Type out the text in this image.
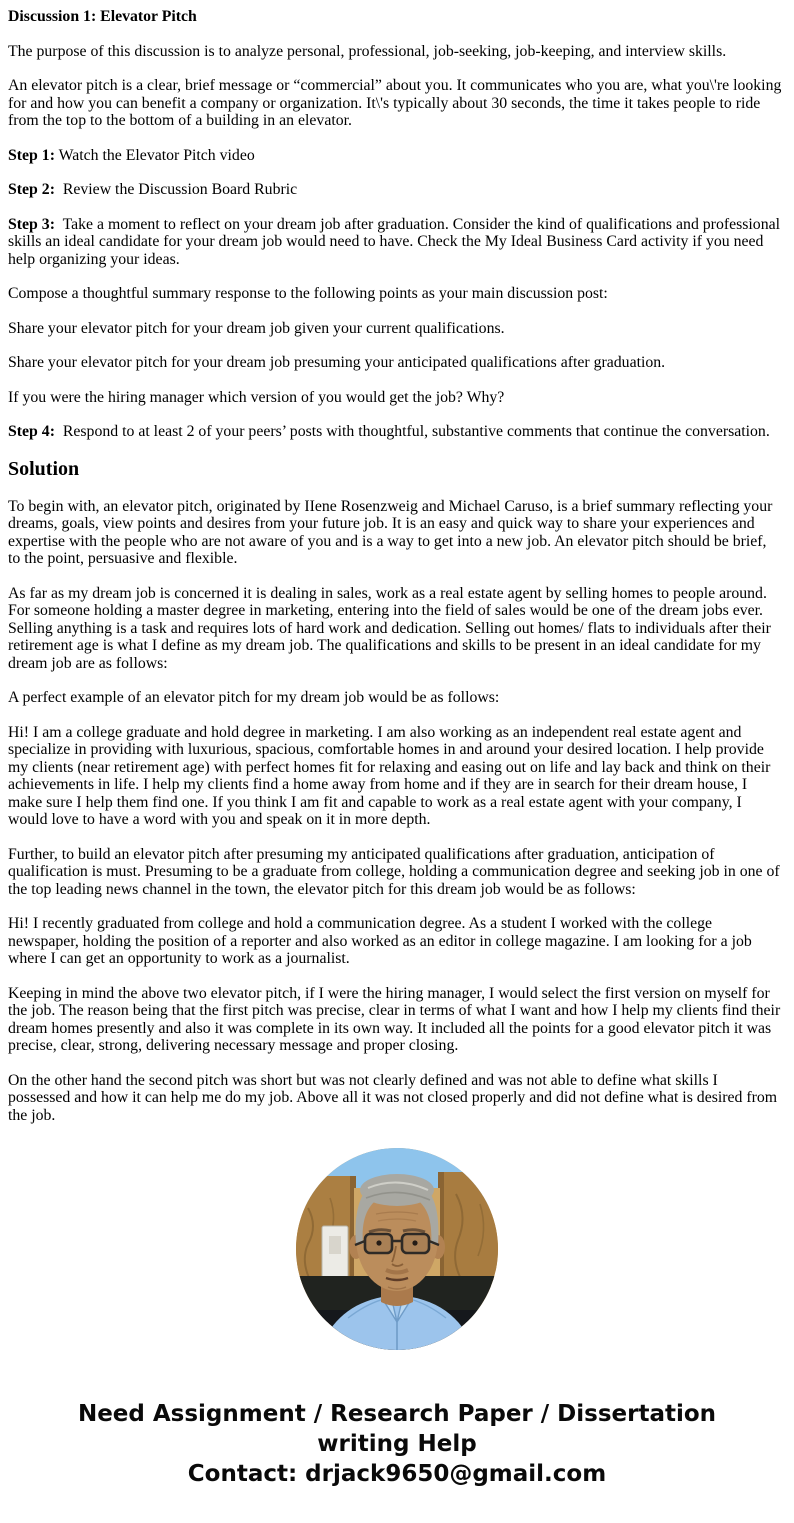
Discussion 1: Elevator Pitch

The purpose of this discussion is to analyze personal, professional, job-seeking, job-keeping, and interview skills.

An elevator pitch is a clear, brief message or “commercial” about you. It communicates who you are, what you\'re looking for and how you can benefit a company or organization. It\'s typically about 30 seconds, the time it takes people to ride from the top to the bottom of a building in an elevator.

Step 1: Watch the Elevator Pitch video

Step 2:  Review the Discussion Board Rubric

Step 3:  Take a moment to reflect on your dream job after graduation. Consider the kind of qualifications and professional skills an ideal candidate for your dream job would need to have. Check the My Ideal Business Card activity if you need help organizing your ideas.

Compose a thoughtful summary response to the following points as your main discussion post:

Share your elevator pitch for your dream job given your current qualifications.

Share your elevator pitch for your dream job presuming your anticipated qualifications after graduation.

If you were the hiring manager which version of you would get the job? Why?

Step 4:  Respond to at least 2 of your peers’ posts with thoughtful, substantive comments that continue the conversation.

Solution

To begin with, an elevator pitch, originated by IIene Rosenzweig and Michael Caruso, is a brief summary reflecting your dreams, goals, view points and desires from your future job. It is an easy and quick way to share your experiences and expertise with the people who are not aware of you and is a way to get into a new job. An elevator pitch should be brief, to the point, persuasive and flexible.

As far as my dream job is concerned it is dealing in sales, work as a real estate agent by selling homes to people around. For someone holding a master degree in marketing, entering into the field of sales would be one of the dream jobs ever. Selling anything is a task and requires lots of hard work and dedication. Selling out homes/ flats to individuals after their retirement age is what I define as my dream job. The qualifications and skills to be present in an ideal candidate for my dream job are as follows:

A perfect example of an elevator pitch for my dream job would be as follows:

Hi! I am a college graduate and hold degree in marketing. I am also working as an independent real estate agent and specialize in providing with luxurious, spacious, comfortable homes in and around your desired location. I help provide my clients (near retirement age) with perfect homes fit for relaxing and easing out on life and lay back and think on their achievements in life. I help my clients find a home away from home and if they are in search for their dream house, I make sure I help them find one. If you think I am fit and capable to work as a real estate agent with your company, I would love to have a word with you and speak on it in more depth.

Further, to build an elevator pitch after presuming my anticipated qualifications after graduation, anticipation of qualification is must. Presuming to be a graduate from college, holding a communication degree and seeking job in one of the top leading news channel in the town, the elevator pitch for this dream job would be as follows:

Hi! I recently graduated from college and hold a communication degree. As a student I worked with the college newspaper, holding the position of a reporter and also worked as an editor in college magazine. I am looking for a job where I can get an opportunity to work as a journalist.

Keeping in mind the above two elevator pitch, if I were the hiring manager, I would select the first version on myself for the job. The reason being that the first pitch was precise, clear in terms of what I want and how I help my clients find their dream homes presently and also it was complete in its own way. It included all the points for a good elevator pitch it was precise, clear, strong, delivering necessary message and proper closing.

On the other hand the second pitch was short but was not clearly defined and was not able to define what skills I possessed and how it can help me do my job. Above all it was not closed properly and did not define what is desired from the job.

Need Assignment / Research Paper / Dissertation
writing Help
Contact: drjack9650@gmail.com
